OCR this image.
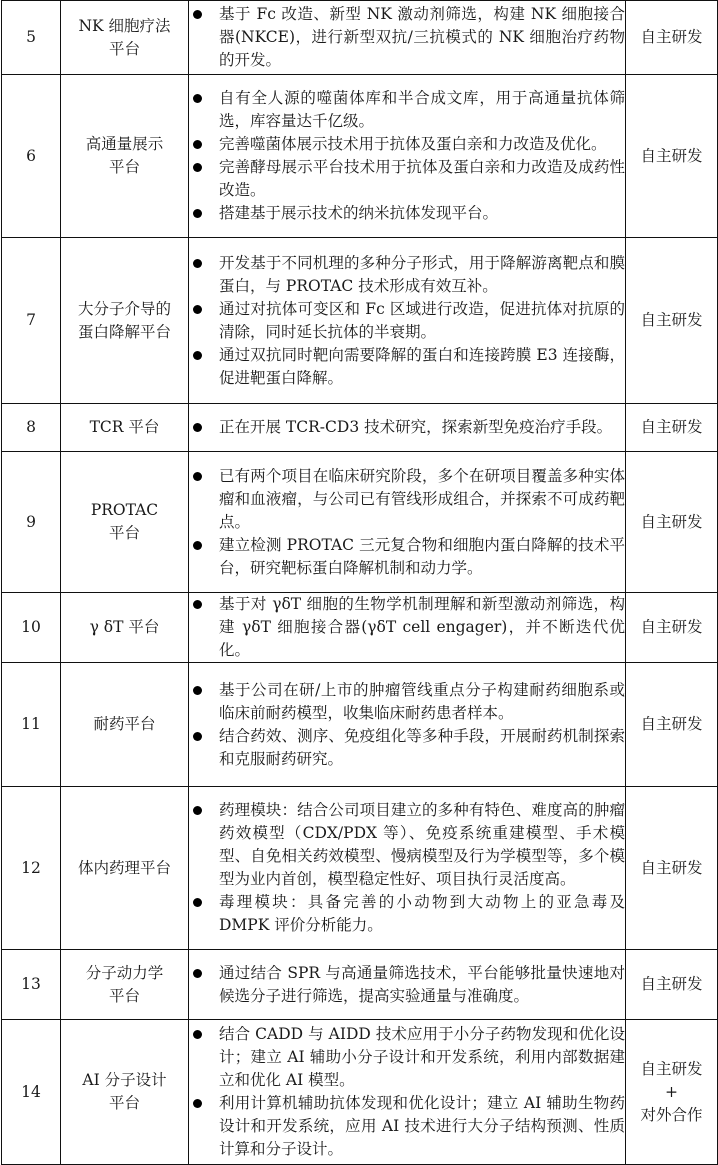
5	
NK 细胞疗法
平台

基于 Fc 改造、新型 NK 激动剂筛选，构建 NK 细胞接合器(NKCE)，进行新型双抗/三抗模式的 NK 细胞治疗药物的开发。

自主研发

6	
高通量展示
平台

自有全人源的噬菌体库和半合成文库，用于高通量抗体筛选，库容量达千亿级。
完善噬菌体展示技术用于抗体及蛋白亲和力改造及优化。
完善酵母展示平台技术用于抗体及蛋白亲和力改造及成药性改造。
搭建基于展示技术的纳米抗体发现平台。

自主研发

7	
大分子介导的
蛋白降解平台

开发基于不同机理的多种分子形式，用于降解游离靶点和膜蛋白，与 PROTAC 技术形成有效互补。
通过对抗体可变区和 Fc 区域进行改造，促进抗体对抗原的清除，同时延长抗体的半衰期。
通过双抗同时靶向需要降解的蛋白和连接跨膜 E3 连接酶，促进靶蛋白降解。

自主研发

8	TCR 平台	正在开展 TCR-CD3 技术研究，探索新型免疫治疗手段。	自主研发

9	
PROTAC
平台

已有两个项目在临床研究阶段，多个在研项目覆盖多种实体瘤和血液瘤，与公司已有管线形成组合，并探索不可成药靶点。
建立检测 PROTAC 三元复合物和细胞内蛋白降解的技术平台，研究靶标蛋白降解机制和动力学。

自主研发

10	γ δT 平台

基于对 γδT 细胞的生物学机制理解和新型激动剂筛选，构建 γδT 细胞接合器(γδT cell engager)，并不断迭代优化。

自主研发

11	耐药平台

基于公司在研/上市的肿瘤管线重点分子构建耐药细胞系或临床前耐药模型，收集临床耐药患者样本。
结合药效、测序、免疫组化等多种手段，开展耐药机制探索和克服耐药研究。

自主研发

12	体内药理平台

药理模块：结合公司项目建立的多种有特色、难度高的肿瘤药效模型（CDX/PDX 等）、免疫系统重建模型、手术模型、自免相关药效模型、慢病模型及行为学模型等，多个模型为业内首创，模型稳定性好、项目执行灵活度高。
毒理模块：具备完善的小动物到大动物上的亚急毒及 DMPK 评价分析能力。

自主研发

13	
分子动力学
平台

通过结合 SPR 与高通量筛选技术，平台能够批量快速地对候选分子进行筛选，提高实验通量与准确度。

自主研发

14	
AI 分子设计
平台

结合 CADD 与 AIDD 技术应用于小分子药物发现和优化设计；建立 AI 辅助小分子设计和开发系统，利用内部数据建立和优化 AI 模型。
利用计算机辅助抗体发现和优化设计；建立 AI 辅助生物药设计和开发系统，应用 AI 技术进行大分子结构预测、性质计算和分子设计。

自主研发
+
对外合作
